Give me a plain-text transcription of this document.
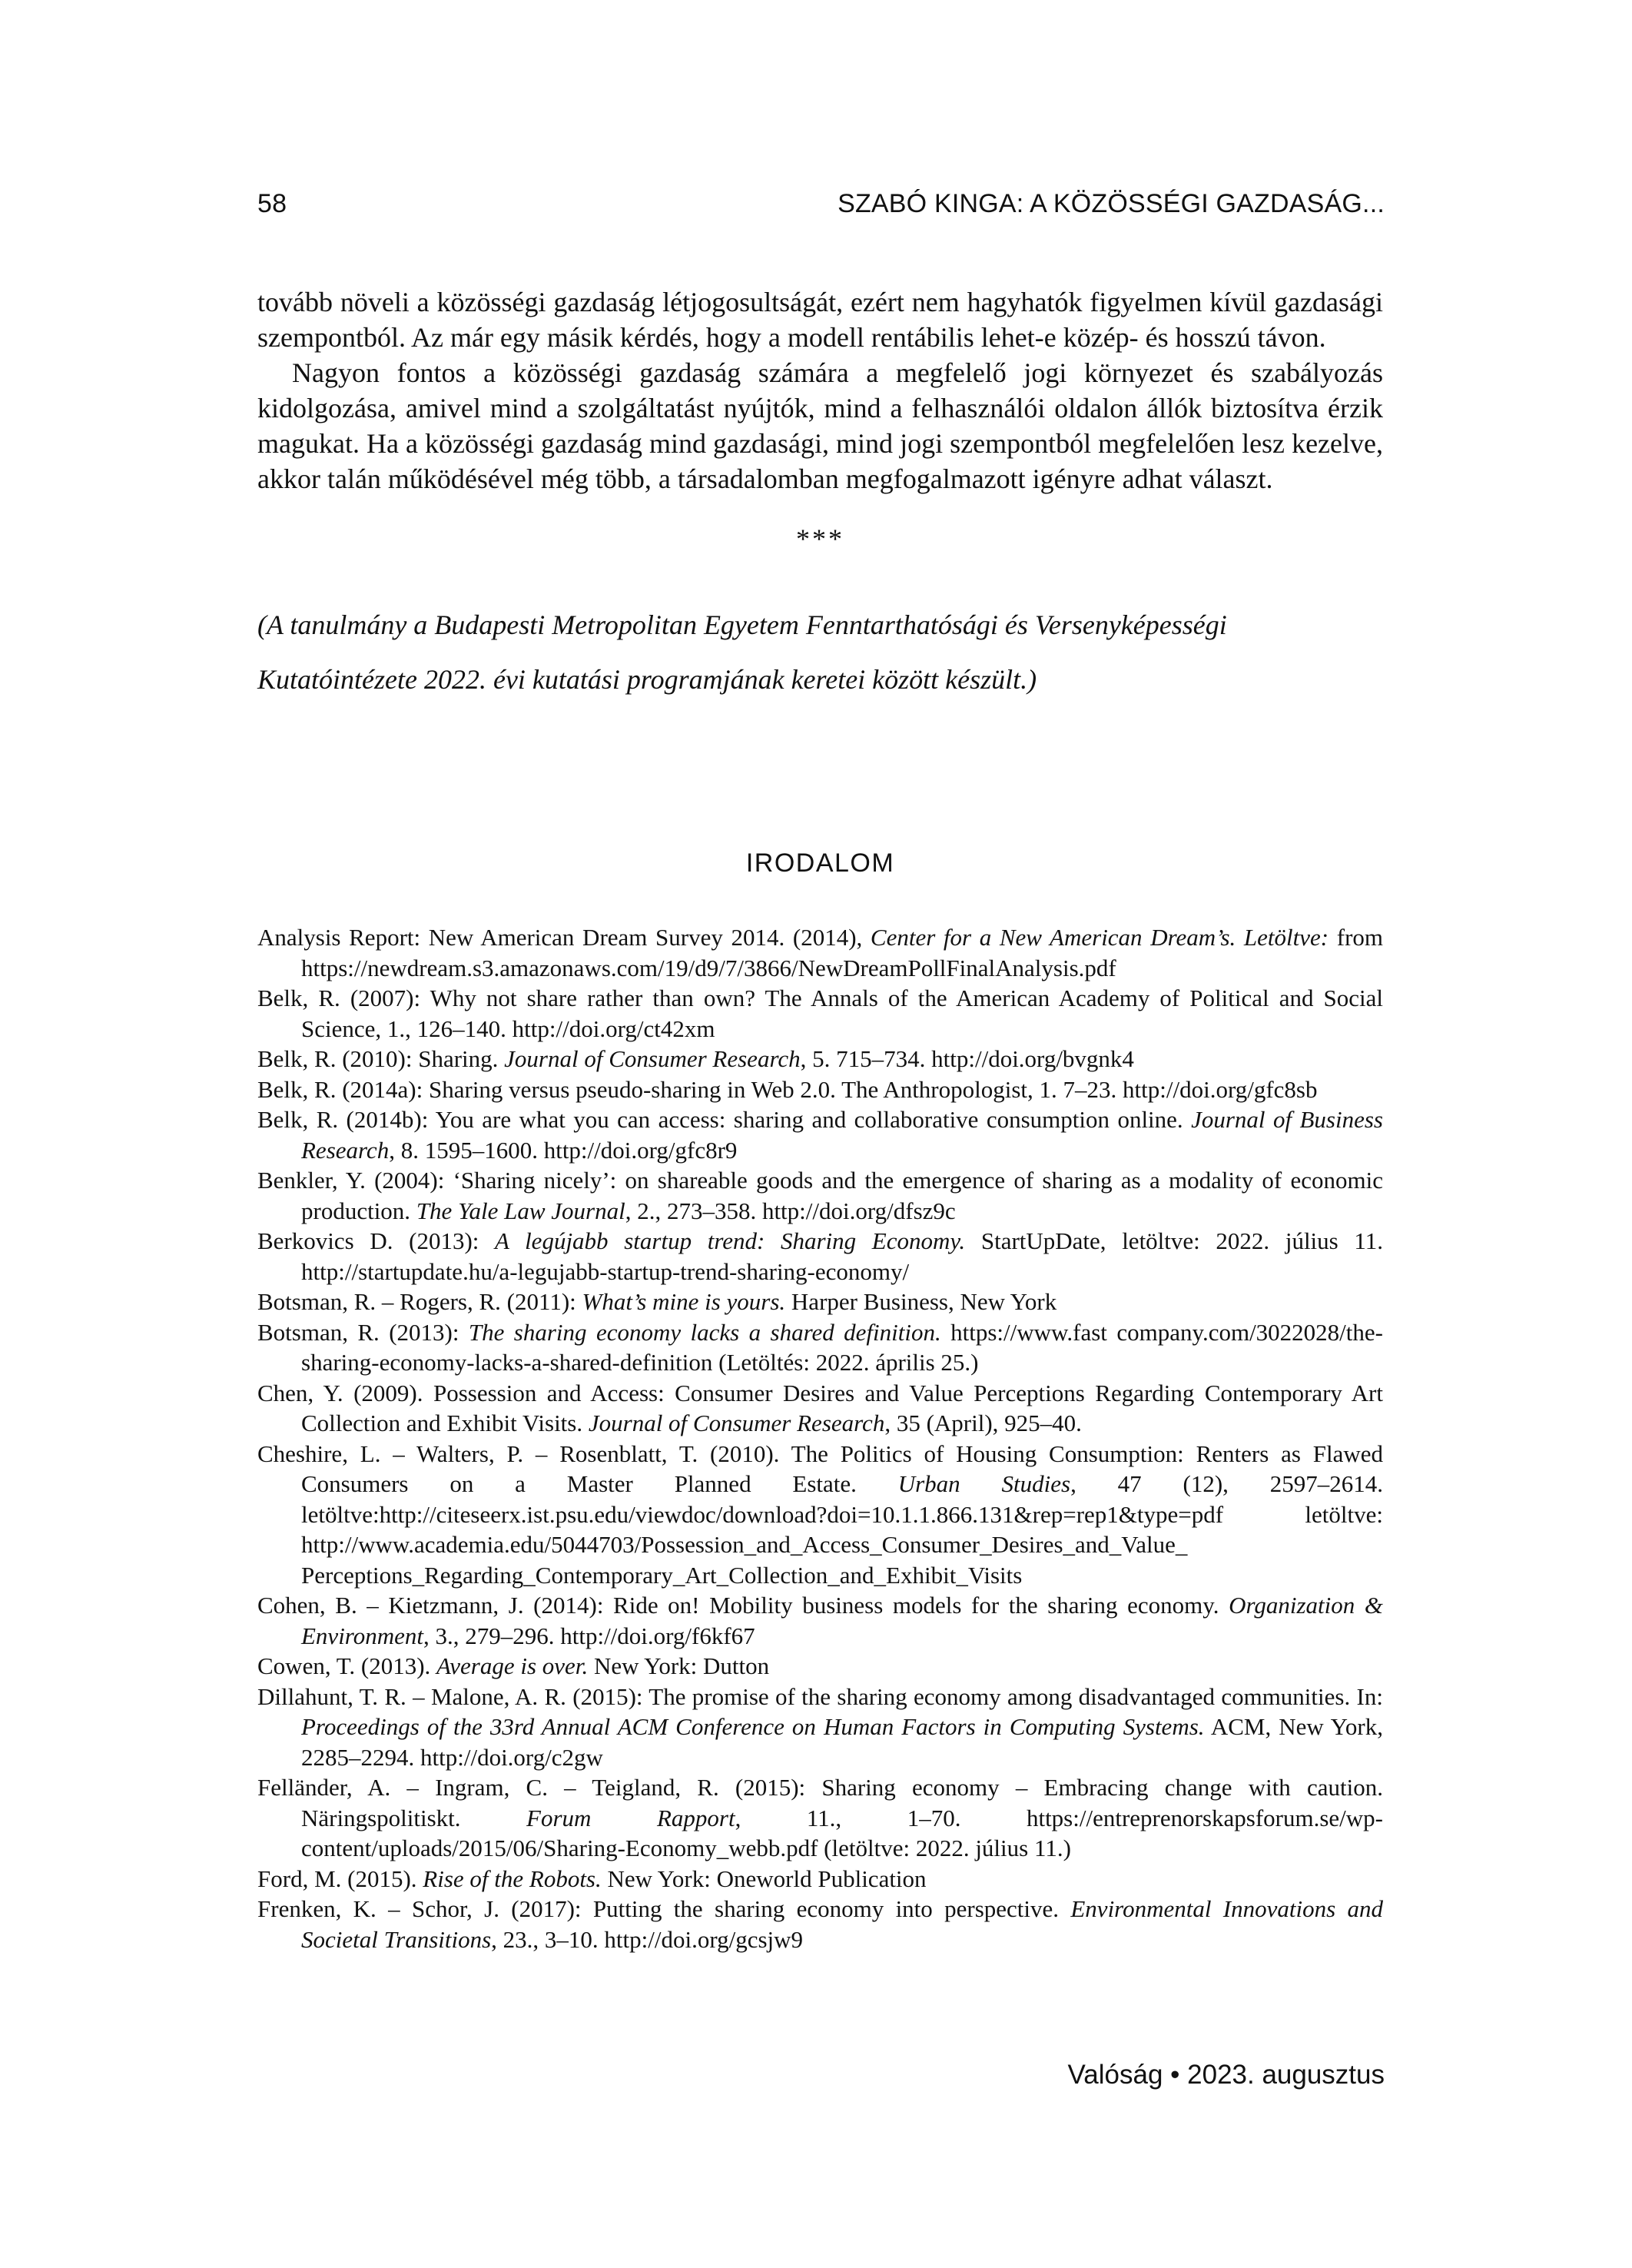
58	SZABÓ KINGA: A KÖZÖSSÉGI GAZDASÁG...

tovább növeli a közösségi gazdaság létjogosultságát, ezért nem hagyhatók figyelmen kívül gazdasági szempontból. Az már egy másik kérdés, hogy a modell rentábilis lehet-e közép- és hosszú távon.

Nagyon fontos a közösségi gazdaság számára a megfelelő jogi környezet és szabályozás kidolgozása, amivel mind a szolgáltatást nyújtók, mind a felhasználói oldalon állók biztosítva érzik magukat. Ha a közösségi gazdaság mind gazdasági, mind jogi szempontból megfelelően lesz kezelve, akkor talán működésével még több, a társadalomban megfogalmazott igényre adhat választ.

***

(A tanulmány a Budapesti Metropolitan Egyetem Fenntarthatósági és Versenyképességi Kutatóintézete 2022. évi kutatási programjának keretei között készült.)

IRODALOM

Analysis Report: New American Dream Survey 2014. (2014), Center for a New American Dream’s. Letöltve: from https://newdream.s3.amazonaws.com/19/d9/7/3866/NewDreamPollFinalAnalysis.pdf

Belk, R. (2007): Why not share rather than own? The Annals of the American Academy of Political and Social Science, 1., 126–140. http://doi.org/ct42xm

Belk, R. (2010): Sharing. Journal of Consumer Research, 5. 715–734. http://doi.org/bvgnk4

Belk, R. (2014a): Sharing versus pseudo-sharing in Web 2.0. The Anthropologist, 1. 7–23. http://doi.org/gfc8sb

Belk, R. (2014b): You are what you can access: sharing and collaborative consumption online. Journal of Business Research, 8. 1595–1600. http://doi.org/gfc8r9

Benkler, Y. (2004): ‘Sharing nicely’: on shareable goods and the emergence of sharing as a modality of economic production. The Yale Law Journal, 2., 273–358. http://doi.org/dfsz9c

Berkovics D. (2013): A legújabb startup trend: Sharing Economy. StartUpDate, letöltve: 2022. július 11. http://startupdate.hu/a-legujabb-startup-trend-sharing-economy/

Botsman, R. – Rogers, R. (2011): What’s mine is yours. Harper Business, New York

Botsman, R. (2013): The sharing economy lacks a shared definition. https://www.fast company.com/3022028/the-sharing-economy-lacks-a-shared-definition (Letöltés: 2022. április 25.)

Chen, Y. (2009). Possession and Access: Consumer Desires and Value Perceptions Regarding Contemporary Art Collection and Exhibit Visits. Journal of Consumer Research, 35 (April), 925–40.

Cheshire, L. – Walters, P. – Rosenblatt, T. (2010). The Politics of Housing Consumption: Renters as Flawed Consumers on a Master Planned Estate. Urban Studies, 47 (12), 2597–2614. letöltve:http://citeseerx.ist.psu.edu/viewdoc/download?doi=10.1.1.866.131&rep=rep1&type=pdf letöltve: http://www.academia.edu/5044703/Possession_and_Access_Consumer_Desires_and_Value_ Perceptions_Regarding_Contemporary_Art_Collection_and_Exhibit_Visits

Cohen, B. – Kietzmann, J. (2014): Ride on! Mobility business models for the sharing economy. Organization & Environment, 3., 279–296. http://doi.org/f6kf67

Cowen, T. (2013). Average is over. New York: Dutton

Dillahunt, T. R. – Malone, A. R. (2015): The promise of the sharing economy among disadvantaged communities. In: Proceedings of the 33rd Annual ACM Conference on Human Factors in Computing Systems. ACM, New York, 2285–2294. http://doi.org/c2gw

Felländer, A. – Ingram, C. – Teigland, R. (2015): Sharing economy – Embracing change with caution. Näringspolitiskt. Forum Rapport, 11., 1–70. https://entreprenorskapsforum.se/wp-content/uploads/2015/06/Sharing-Economy_webb.pdf (letöltve: 2022. július 11.)

Ford, M. (2015). Rise of the Robots. New York: Oneworld Publication

Frenken, K. – Schor, J. (2017): Putting the sharing economy into perspective. Environmental Innovations and Societal Transitions, 23., 3–10. http://doi.org/gcsjw9

Valóság • 2023. augusztus
